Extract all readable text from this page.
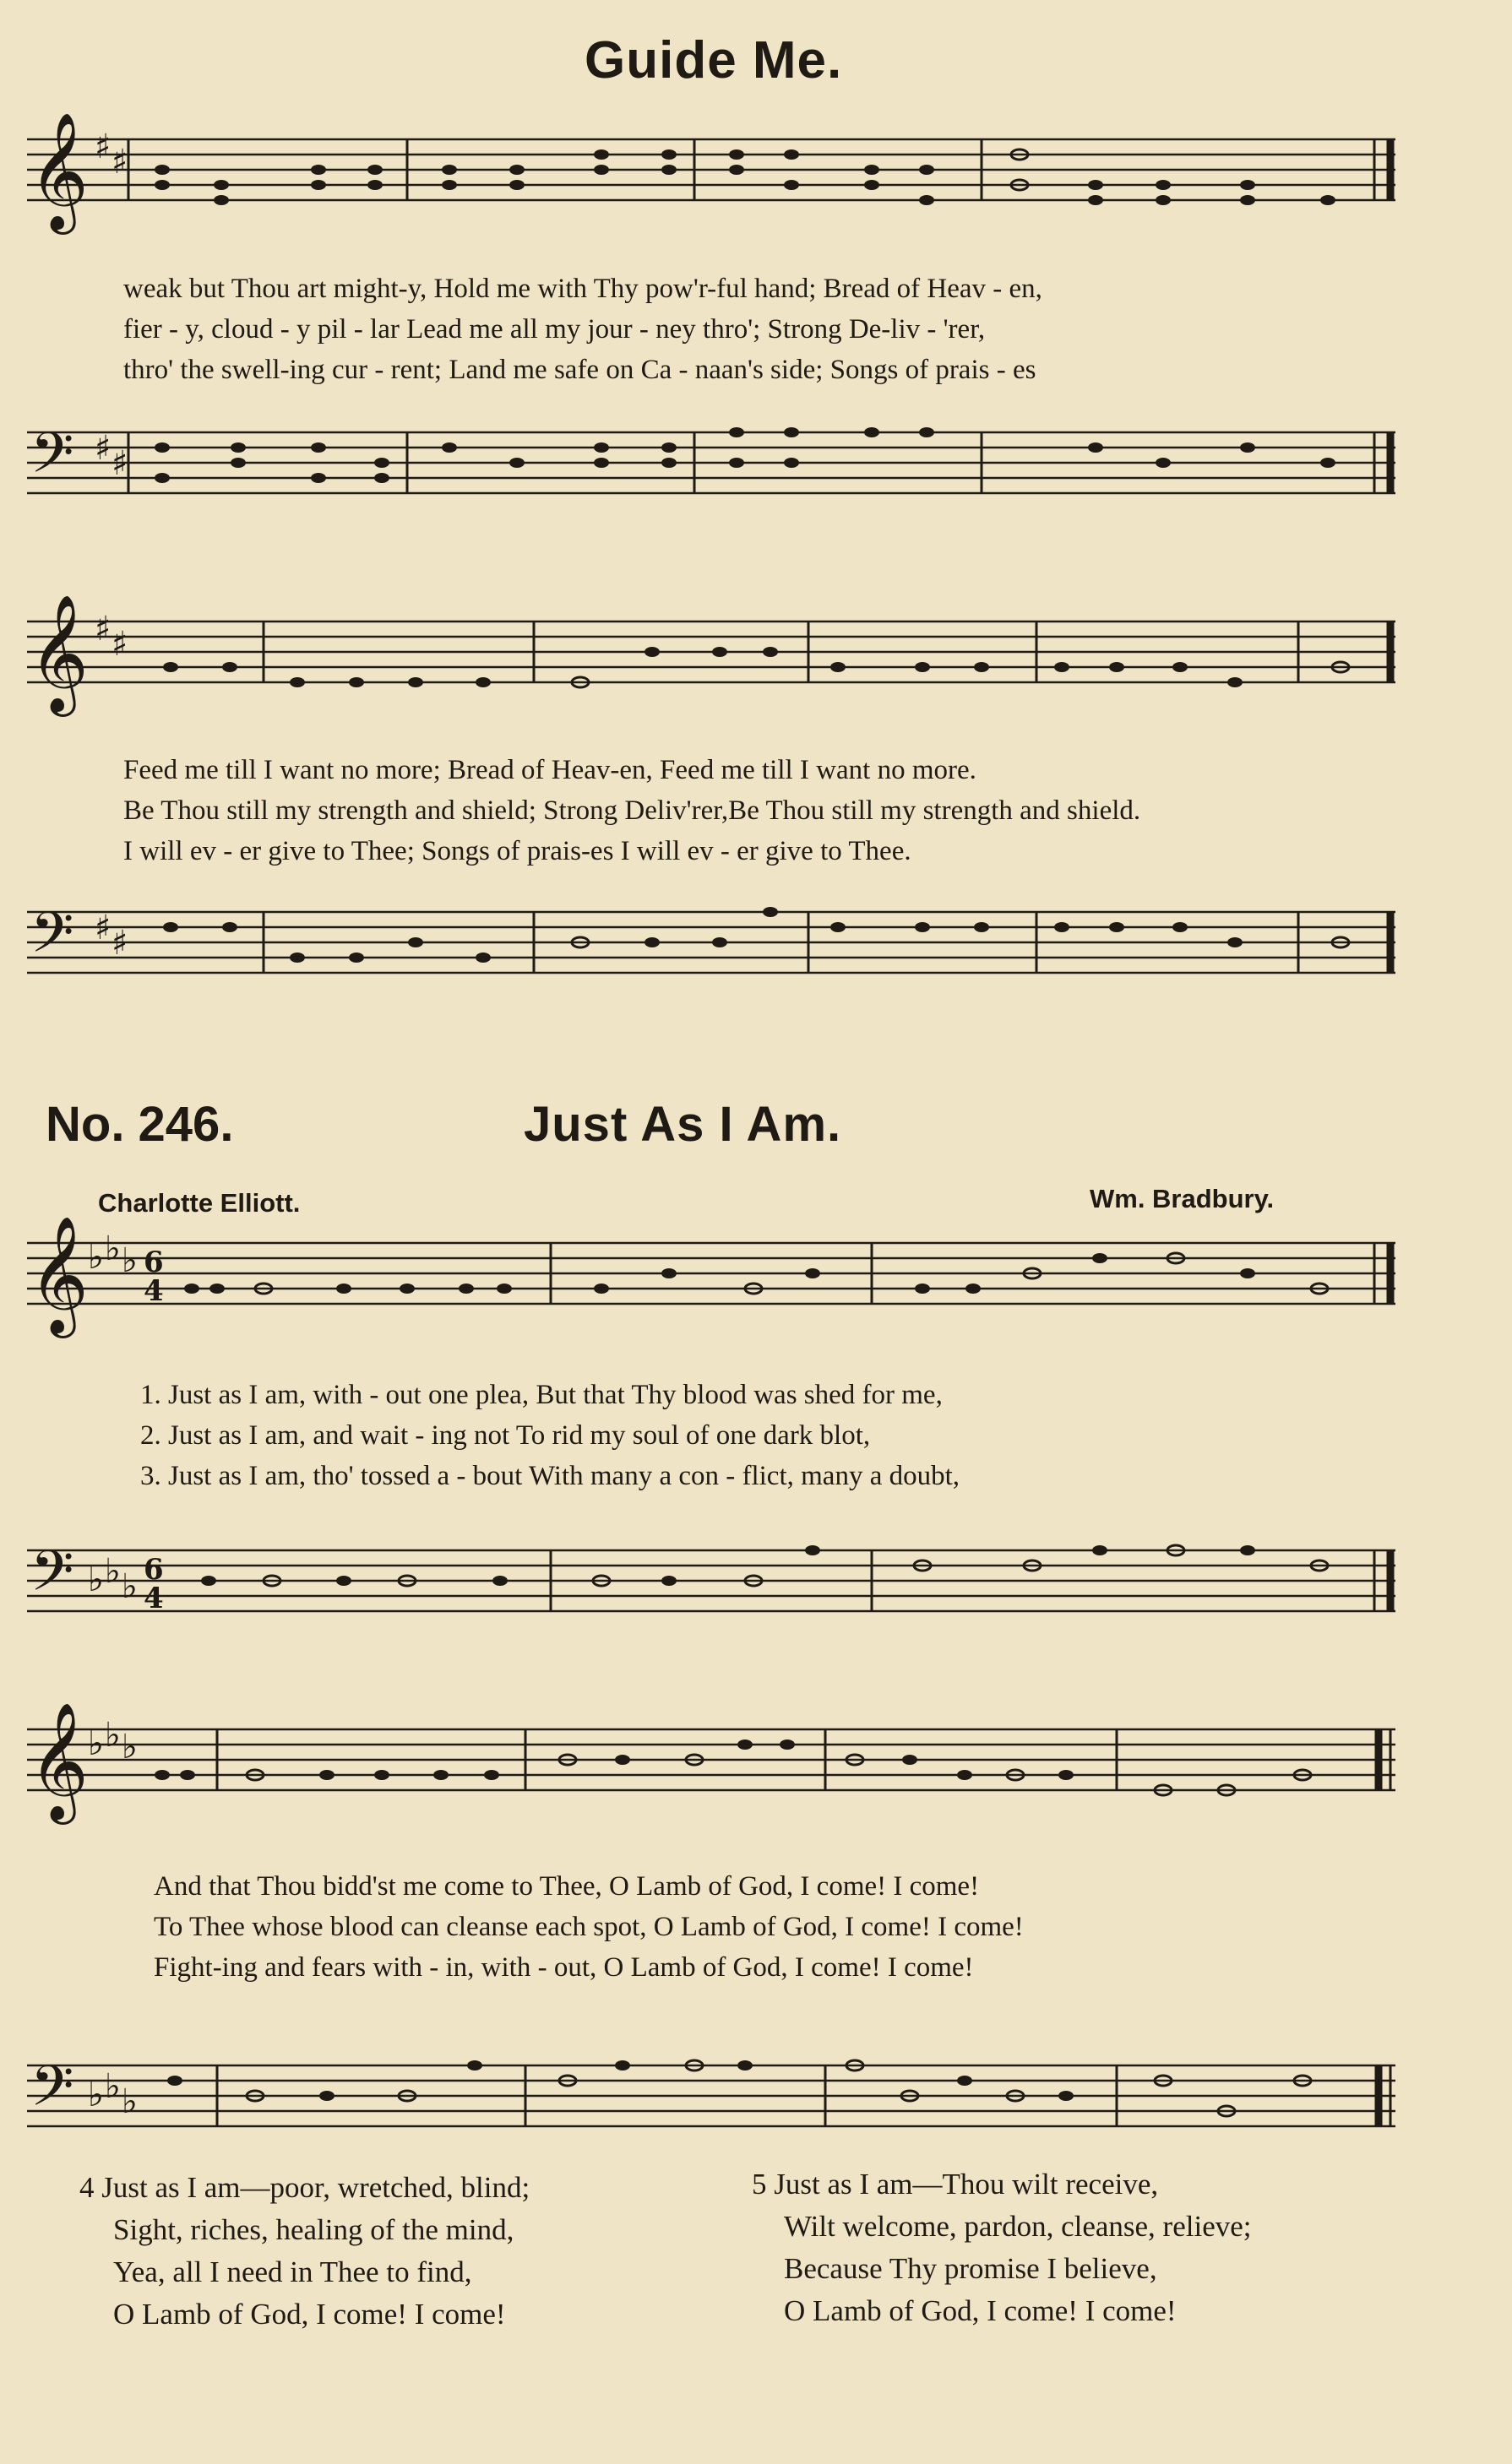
Guide Me.
𝄞 ♯ ♯
weak but Thou art might-y, Hold me with Thy pow'r-ful hand; Bread of Heav - en,
fier - y, cloud - y pil - lar Lead me all my jour - ney thro'; Strong De-liv - 'rer,
thro' the swell-ing cur - rent; Land me safe on Ca - naan's side; Songs of prais - es
𝄢 ♯ ♯
𝄞 ♯ ♯
Feed me till I want no more; Bread of Heav-en, Feed me till I want no more.
Be Thou still my strength and shield; Strong Deliv'rer,Be Thou still my strength and shield.
I will ev - er give to Thee; Songs of prais-es I will ev - er give to Thee.
𝄢 ♯ ♯
No. 246.	Just As I Am.
Charlotte Elliott.	Wm. Bradbury.
𝄞 ♭ ♭ ♭ 6
4
1. Just as I am, with - out one plea, But that Thy blood was shed for me,
2. Just as I am, and wait - ing not To rid my soul of one dark blot,
3. Just as I am, tho' tossed a - bout With many a con - flict, many a doubt,
𝄢 ♭ ♭ ♭ 6
4
𝄞 ♭ ♭ ♭
And that Thou bidd'st me come to Thee, O Lamb of God, I come! I come!
To Thee whose blood can cleanse each spot, O Lamb of God, I come! I come!
Fight-ing and fears with - in, with - out, O Lamb of God, I come! I come!
𝄢 ♭ ♭ ♭
4 Just as I am—poor, wretched, blind;
Sight, riches, healing of the mind,
Yea, all I need in Thee to find,
O Lamb of God, I come! I come!
5 Just as I am—Thou wilt receive,
Wilt welcome, pardon, cleanse, relieve;
Because Thy promise I believe,
O Lamb of God, I come! I come!
